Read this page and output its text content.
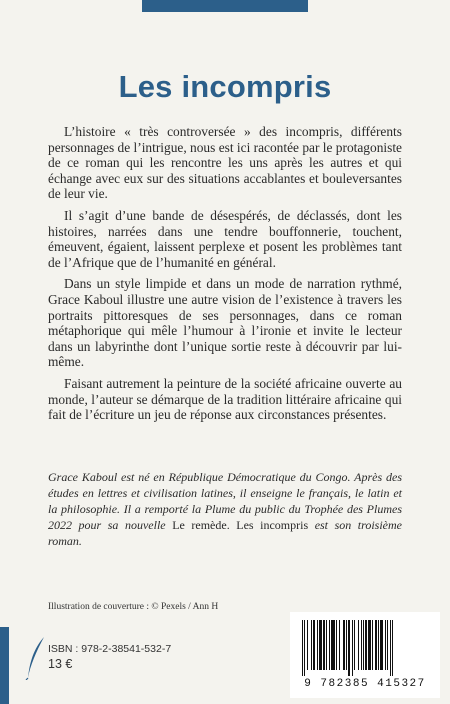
Les incompris

L’histoire « très controversée » des incompris, différents personnages de l’intrigue, nous est ici racontée par le protagoniste de ce roman qui les rencontre les uns après les autres et qui échange avec eux sur des situations accablantes et bouleversantes de leur vie.

Il s’agit d’une bande de désespérés, de déclassés, dont les histoires, narrées dans une tendre bouffonnerie, touchent, émeuvent, égaient, laissent perplexe et posent les problèmes tant de l’Afrique que de l’humanité en général.

Dans un style limpide et dans un mode de narration rythmé, Grace Kaboul illustre une autre vision de l’existence à travers les portraits pittoresques de ses personnages, dans ce roman métaphorique qui mêle l’humour à l’ironie et invite le lecteur dans un labyrinthe dont l’unique sortie reste à découvrir par lui-même.

Faisant autrement la peinture de la société africaine ouverte au monde, l’auteur se démarque de la tradition littéraire africaine qui fait de l’écriture un jeu de réponse aux circonstances présentes.

Grace Kaboul est né en République Démocratique du Congo. Après des études en lettres et civilisation latines, il enseigne le français, le latin et la philosophie. Il a remporté la Plume du public du Trophée des Plumes 2022 pour sa nouvelle Le remède. Les incompris est son troisième roman.

Illustration de couverture : © Pexels / Ann H
ISBN : 978-2-38541-532-7
13 €
9 782385 415327
